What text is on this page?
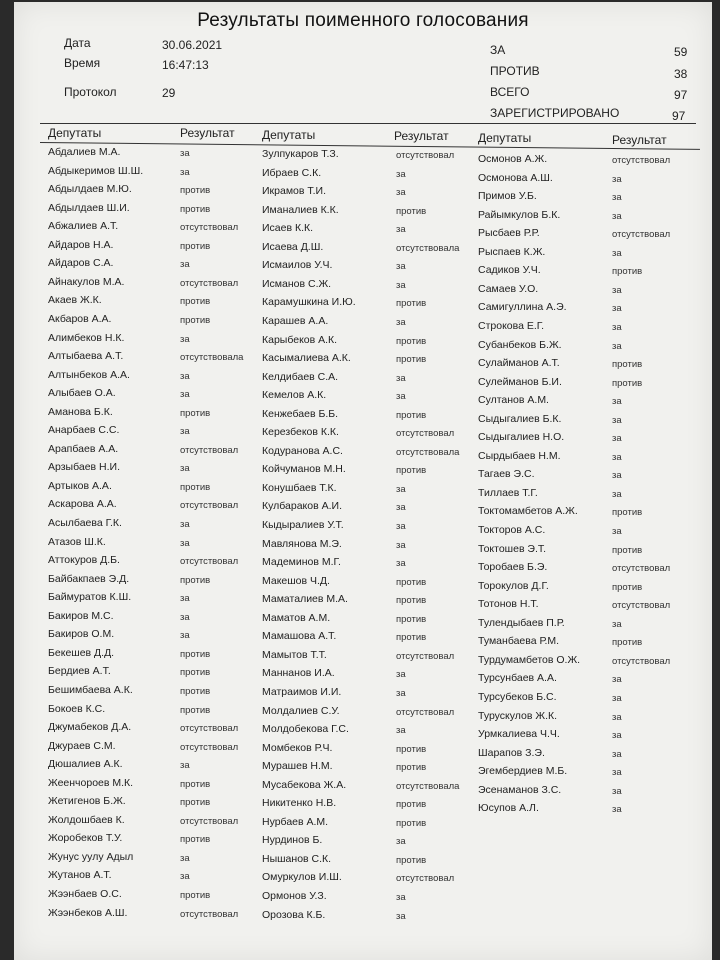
Результаты поименного голосования
Дата	30.06.2021
Время	16:47:13
Протокол	29
ЗА	59
ПРОТИВ	38
ВСЕГО	97
ЗАРЕГИСТРИРОВАНО	97
Депутаты	Результат Депутаты	Результат Депутаты	Результат
Абдалиев М.А.	за
Абдыкеримов Ш.Ш.	за
Абдылдаев М.Ю.	против
Абдылдаев Ш.И.	против
Абжалиев А.Т.	отсутствовал
Айдаров Н.А.	против
Айдаров С.А.	за
Айнакулов М.А.	отсутствовал
Акаев Ж.К.	против
Акбаров А.А.	против
Алимбеков Н.К.	за
Алтыбаева А.Т.	отсутствовала
Алтынбеков А.А.	за
Алыбаев О.А.	за
Аманова Б.К.	против
Анарбаев С.С.	за
Арапбаев А.А.	отсутствовал
Арзыбаев Н.И.	за
Артыков А.А.	против
Аскарова А.А.	отсутствовал
Асылбаева Г.К.	за
Атазов Ш.К.	за
Аттокуров Д.Б.	отсутствовал
Байбакпаев Э.Д.	против
Баймуратов К.Ш.	за
Бакиров М.С.	за
Бакиров О.М.	за
Бекешев Д.Д.	против
Бердиев А.Т.	против
Бешимбаева А.К.	против
Бокоев К.С.	против
Джумабеков Д.А.	отсутствовал
Джураев С.М.	отсутствовал
Дюшалиев А.К.	за
Жеенчороев М.К.	против
Жетигенов Б.Ж.	против
Жолдошбаев К.	отсутствовал
Жоробеков Т.У.	против
Жунус уулу Адыл	за
Жутанов А.Т.	за
Жээнбаев О.С.	против
Жээнбеков А.Ш.	отсутствовал
Зулпукаров Т.З.	отсутствовал
Ибраев С.К.	за
Икрамов Т.И.	за
Иманалиев К.К.	против
Исаев К.К.	за
Исаева Д.Ш.	отсутствовала
Исмаилов У.Ч.	за
Исманов С.Ж.	за
Карамушкина И.Ю.	против
Карашев А.А.	за
Карыбеков А.К.	против
Касымалиева А.К.	против
Келдибаев С.А.	за
Кемелов А.К.	за
Кенжебаев Б.Б.	против
Керезбеков К.К.	отсутствовал
Кодуранова А.С.	отсутствовала
Койчуманов М.Н.	против
Конушбаев Т.К.	за
Кулбараков А.И.	за
Кыдыралиев У.Т.	за
Мавлянова М.Э.	за
Мадеминов М.Г.	за
Макешов Ч.Д.	против
Маматалиев М.А.	против
Маматов А.М.	против
Мамашова А.Т.	против
Мамытов Т.Т.	отсутствовал
Маннанов И.А.	за
Матраимов И.И.	за
Молдалиев С.У.	отсутствовал
Молдобекова Г.С.	за
Момбеков Р.Ч.	против
Мурашев Н.М.	против
Мусабекова Ж.А.	отсутствовала
Никитенко Н.В.	против
Нурбаев А.М.	против
Нурдинов Б.	за
Нышанов С.К.	против
Омуркулов И.Ш.	отсутствовал
Ормонов У.З.	за
Орозова К.Б.	за
Осмонов А.Ж.	отсутствовал
Осмонова А.Ш.	за
Примов У.Б.	за
Райымкулов Б.К.	за
Рысбаев Р.Р.	отсутствовал
Рыспаев К.Ж.	за
Садиков У.Ч.	против
Самаев У.О.	за
Самигуллина А.Э.	за
Строкова Е.Г.	за
Субанбеков Б.Ж.	за
Сулайманов А.Т.	против
Сулейманов Б.И.	против
Султанов А.М.	за
Сыдыгалиев Б.К.	за
Сыдыгалиев Н.О.	за
Сырдыбаев Н.М.	за
Тагаев Э.С.	за
Тиллаев Т.Г.	за
Токтомамбетов А.Ж.	против
Токторов А.С.	за
Токтошев Э.Т.	против
Торобаев Б.Э.	отсутствовал
Торокулов Д.Г.	против
Тотонов Н.Т.	отсутствовал
Тулендыбаев П.Р.	за
Туманбаева Р.М.	против
Турдумамбетов О.Ж.	отсутствовал
Турсунбаев А.А.	за
Турсубеков Б.С.	за
Турускулов Ж.К.	за
Урмкалиева Ч.Ч.	за
Шарапов З.Э.	за
Эгембердиев М.Б.	за
Эсенаманов З.С.	за
Юсупов А.Л.	за
